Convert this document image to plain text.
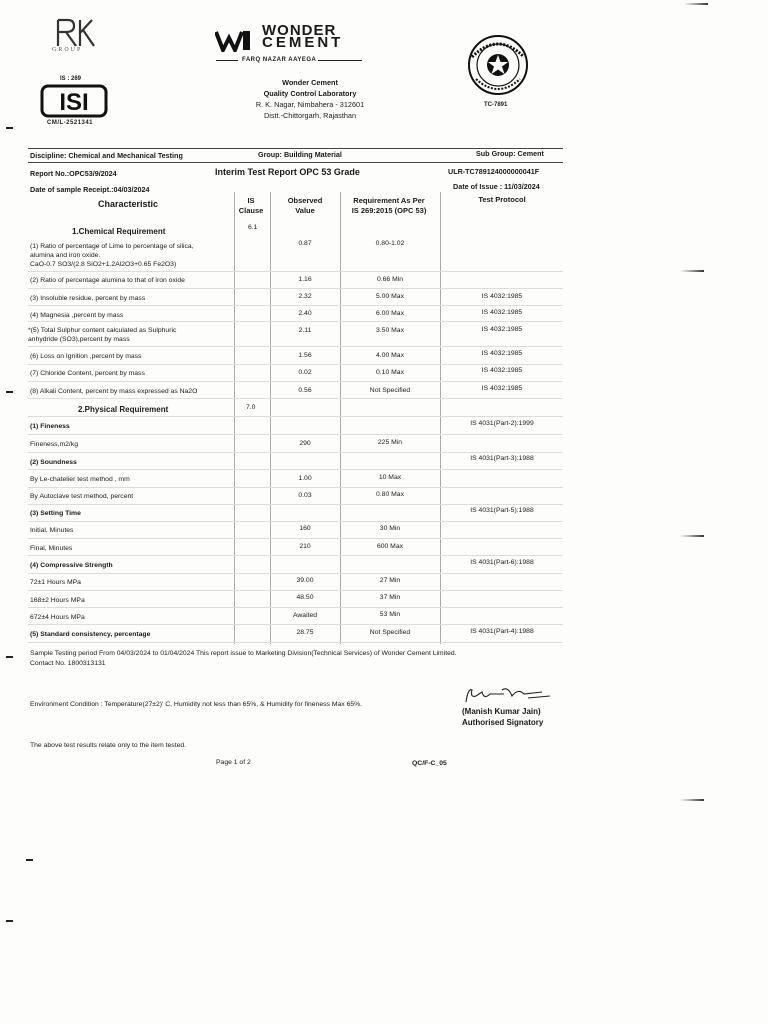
GROUP
IS : 269
ISI
CM/L-2521341
WONDER
CEMENT
FARQ NAZAR AAYEGA
Wonder Cement
Quality Control Laboratory
R. K. Nagar, Nimbahera - 312601
Distt.-Chittorgarh, Rajasthan
TC-7891
Discipline: Chemical and Mechanical Testing	Group: Building Material	Sub Group: Cement
Report No.:OPC53/9/2024	Interim Test Report OPC 53 Grade	ULR-TC789124000000041F
Date of Issue : 11/03/2024
Date of sample Receipt.:04/03/2024
Characteristic	IS
Clause
Observed
Value
Requirement As Per
IS 269:2015 (OPC 53)
Test Protocol
6.1
1.Chemical Requirement
(1) Ratio of percentage of Lime to percentage of silica,
alumina and iron oxide.
CaO-0.7 SO3/(2.8 SiO2+1.2Al2O3+0.65 Fe2O3)
0.87	0.80-1.02
(2) Ratio of percentage alumina to that of iron oxide	1.16	0.66 Min
(3) Insoluble residue, percent by mass	2.32	5.00 Max	IS 4032:1985
(4) Magnesia ,percent by mass	2.40	6.00 Max	IS 4032:1985
*(5) Total Sulphur content calculated as Sulphuric
anhydride (SO3),percent by mass
2.11	3.50 Max	IS 4032:1985
(6) Loss on Ignition ,percent by mass	1.56	4.00 Max	IS 4032:1985
(7) Chloride Content, percent by mass	0.02	0.10 Max	IS 4032:1985
(8) Alkali Content, percent by mass expressed as Na2O	0.56	Not Specified	IS 4032:1985
2.Physical Requirement	7.0
(1) Fineness	IS 4031(Part-2):1999
Fineness,m2/kg	290	225 Min
(2) Soundness
IS 4031(Part-3):1988
By Le-chatelier test method , mm	1.00	10 Max
By Autoclave test method, percent	0.03	0.80 Max
(3) Setting Time	IS 4031(Part-5):1988
Initial, Minutes	160	30 Min
Final, Minutes	210	600 Max
(4) Compressive Strength	IS 4031(Part-6):1988
72±1 Hours MPa	39.00	27 Min
168±2 Hours MPa	48.50	37 Min
672±4 Hours MPa	Awaited	53 Min
(5) Standard consistency, percentage	28.75	Not Specified	IS 4031(Part-4):1988
Sample Testing period From 04/03/2024 to 01/04/2024 This report issue to Marketing Division(Technical Services) of Wonder Cement Limited.
Contact No. 1800313131
Environment Condition : Temperature(27±2)' C, Humidity not less than 65%, & Humidity for fineness Max 65%.
(Manish Kumar Jain)
Authorised Signatory
The above test results relate only to the item tested.
Page 1 of 2	QC/F-C_05
